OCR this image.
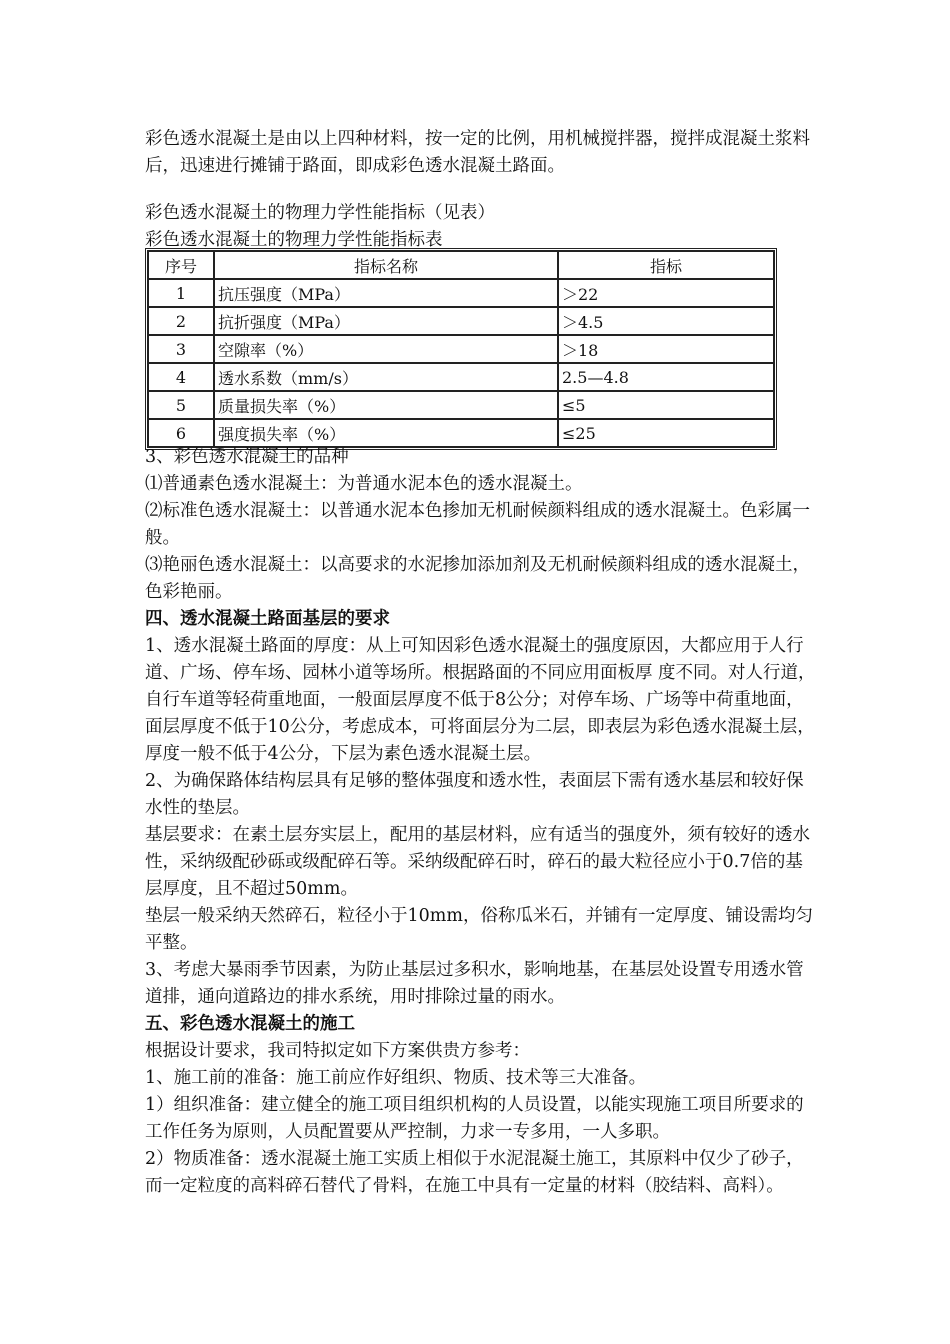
彩色透水混凝土是由以上四种材料，按一定的比例，用机械搅拌器，搅拌成混凝土浆料后，迅速进行摊铺于路面，即成彩色透水混凝土路面。

彩色透水混凝土的物理力学性能指标（见表）

彩色透水混凝土的物理力学性能指标表

序号	指标名称	指标
1	抗压强度（MPa）	＞22
2	抗折强度（MPa）	＞4.5
3	空隙率（%）	＞18
4	透水系数（mm/s）	2.5—4.8
5	质量损失率（%）	≤5
6	强度损失率（%）	≤25

3、彩色透水混凝土的品种

⑴普通素色透水混凝土：为普通水泥本色的透水混凝土。

⑵标准色透水混凝土：以普通水泥本色掺加无机耐候颜料组成的透水混凝土。色彩属一般。

⑶艳丽色透水混凝土：以高要求的水泥掺加添加剂及无机耐候颜料组成的透水混凝土，色彩艳丽。

四、透水混凝土路面基层的要求

1、透水混凝土路面的厚度：从上可知因彩色透水混凝土的强度原因，大都应用于人行道、广场、停车场、园林小道等场所。根据路面的不同应用面板厚 度不同。对人行道，自行车道等轻荷重地面，一般面层厚度不低于8公分；对停车场、广场等中荷重地面，面层厚度不低于10公分，考虑成本，可将面层分为二层，即表层为彩色透水混凝土层，厚度一般不低于4公分，下层为素色透水混凝土层。

2、为确保路体结构层具有足够的整体强度和透水性，表面层下需有透水基层和较好保水性的垫层。

基层要求：在素土层夯实层上，配用的基层材料，应有适当的强度外，须有较好的透水性，采纳级配砂砾或级配碎石等。采纳级配碎石时，碎石的最大粒径应小于0.7倍的基层厚度，且不超过50mm。

垫层一般采纳天然碎石，粒径小于10mm，俗称瓜米石，并铺有一定厚度、铺设需均匀平整。

3、考虑大暴雨季节因素，为防止基层过多积水，影响地基，在基层处设置专用透水管道排，通向道路边的排水系统，用时排除过量的雨水。

五、彩色透水混凝土的施工

根据设计要求，我司特拟定如下方案供贵方参考：

1、施工前的准备：施工前应作好组织、物质、技术等三大准备。

1）组织准备：建立健全的施工项目组织机构的人员设置，以能实现施工项目所要求的工作任务为原则，人员配置要从严控制，力求一专多用，一人多职。

2）物质准备：透水混凝土施工实质上相似于水泥混凝土施工，其原料中仅少了砂子，而一定粒度的高料碎石替代了骨料，在施工中具有一定量的材料（胶结料、高料）。
